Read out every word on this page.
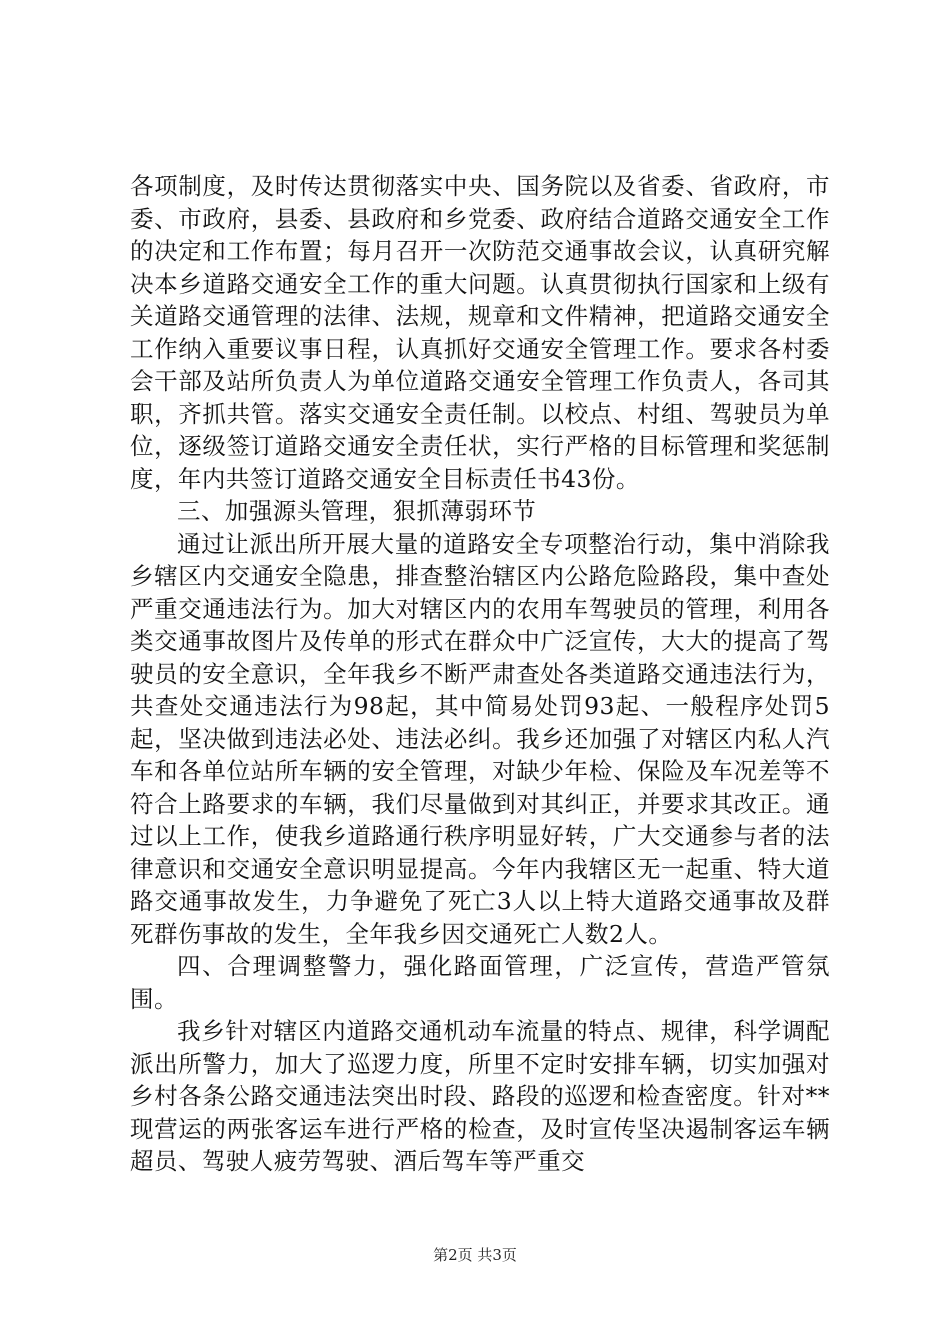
各项制度，及时传达贯彻落实中央、国务院以及省委、省政府，市委、市政府，县委、县政府和乡党委、政府结合道路交通安全工作的决定和工作布置；每月召开一次防范交通事故会议，认真研究解决本乡道路交通安全工作的重大问题。认真贯彻执行国家和上级有关道路交通管理的法律、法规，规章和文件精神，把道路交通安全工作纳入重要议事日程，认真抓好交通安全管理工作。要求各村委会干部及站所负责人为单位道路交通安全管理工作负责人，各司其职，齐抓共管。落实交通安全责任制。以校点、村组、驾驶员为单位，逐级签订道路交通安全责任状，实行严格的目标管理和奖惩制度，年内共签订道路交通安全目标责任书43份。

三、加强源头管理，狠抓薄弱环节

通过让派出所开展大量的道路安全专项整治行动，集中消除我乡辖区内交通安全隐患，排查整治辖区内公路危险路段，集中查处严重交通违法行为。加大对辖区内的农用车驾驶员的管理，利用各类交通事故图片及传单的形式在群众中广泛宣传，大大的提高了驾驶员的安全意识，全年我乡不断严肃查处各类道路交通违法行为，共查处交通违法行为98起，其中简易处罚93起、一般程序处罚5起，坚决做到违法必处、违法必纠。我乡还加强了对辖区内私人汽车和各单位站所车辆的安全管理，对缺少年检、保险及车况差等不符合上路要求的车辆，我们尽量做到对其纠正，并要求其改正。通过以上工作，使我乡道路通行秩序明显好转，广大交通参与者的法律意识和交通安全意识明显提高。今年内我辖区无一起重、特大道路交通事故发生，力争避免了死亡3人以上特大道路交通事故及群死群伤事故的发生，全年我乡因交通死亡人数2人。

四、合理调整警力，强化路面管理，广泛宣传，营造严管氛围。

我乡针对辖区内道路交通机动车流量的特点、规律，科学调配派出所警力，加大了巡逻力度，所里不定时安排车辆，切实加强对乡村各条公路交通违法突出时段、路段的巡逻和检查密度。针对**现营运的两张客运车进行严格的检查，及时宣传坚决遏制客运车辆超员、驾驶人疲劳驾驶、酒后驾车等严重交

第2页 共3页
